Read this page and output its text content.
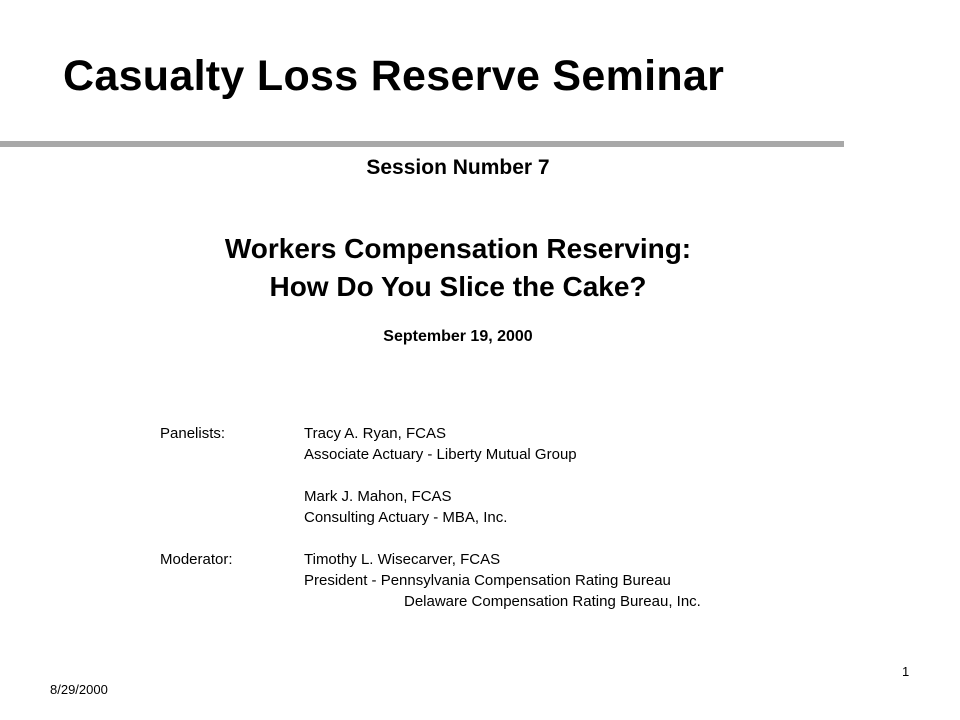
Casualty Loss Reserve Seminar
Session Number 7
Workers Compensation Reserving:
How Do You Slice the Cake?
September 19, 2000
Panelists:	Tracy A. Ryan, FCAS
Associate Actuary - Liberty Mutual Group
Mark J. Mahon, FCAS
Consulting Actuary - MBA, Inc.
Moderator:	Timothy L. Wisecarver, FCAS
President - Pennsylvania Compensation Rating Bureau
Delaware Compensation Rating Bureau, Inc.
8/29/2000
1
